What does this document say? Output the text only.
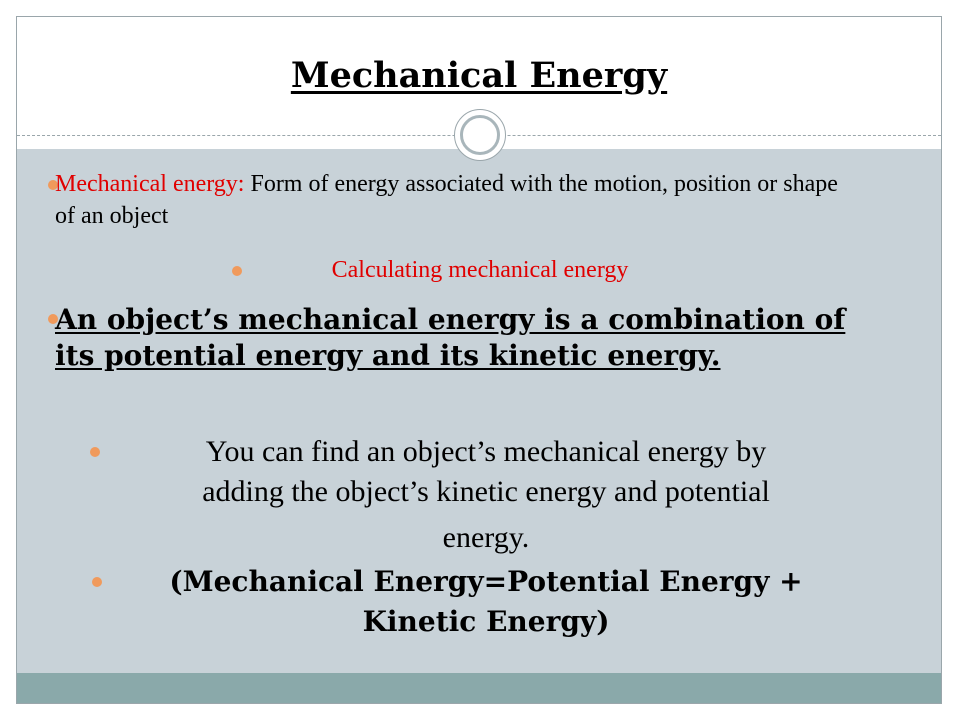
Mechanical Energy
Mechanical energy: Form of energy associated with the motion, position or shape of an object
Calculating mechanical energy
An object’s mechanical energy is a combination of its potential energy and its kinetic energy.
You can find an object’s mechanical energy by
adding the object’s kinetic energy and potential
energy.
(Mechanical Energy=Potential Energy +
Kinetic Energy)
